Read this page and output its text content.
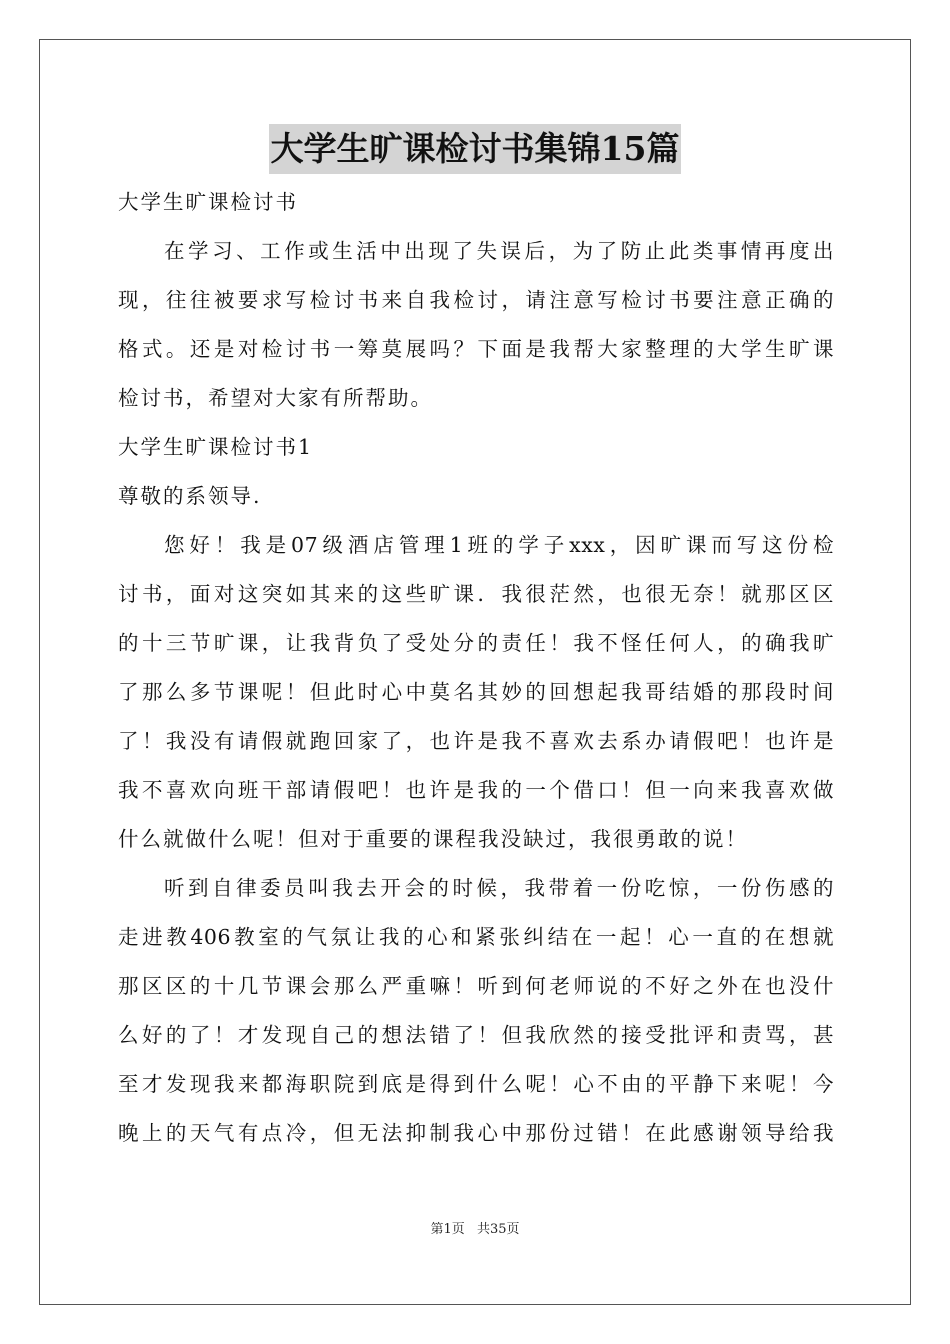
大学生旷课检讨书集锦15篇
大学生旷课检讨书
在学习、工作或生活中出现了失误后，为了防止此类事情再度出
现，往往被要求写检讨书来自我检讨，请注意写检讨书要注意正确的
格式。还是对检讨书一筹莫展吗？下面是我帮大家整理的大学生旷课
检讨书，希望对大家有所帮助。
大学生旷课检讨书1
尊敬的系领导.
您好！我是07级酒店管理1班的学子xxx，因旷课而写这份检
讨书，面对这突如其来的这些旷课．我很茫然，也很无奈！就那区区
的十三节旷课，让我背负了受处分的责任！我不怪任何人，的确我旷
了那么多节课呢！但此时心中莫名其妙的回想起我哥结婚的那段时间
了！我没有请假就跑回家了，也许是我不喜欢去系办请假吧！也许是
我不喜欢向班干部请假吧！也许是我的一个借口！但一向来我喜欢做
什么就做什么呢！但对于重要的课程我没缺过，我很勇敢的说！
听到自律委员叫我去开会的时候，我带着一份吃惊，一份伤感的
走进教406教室的气氛让我的心和紧张纠结在一起！心一直的在想就
那区区的十几节课会那么严重嘛！听到何老师说的不好之外在也没什
么好的了！才发现自己的想法错了！但我欣然的接受批评和责骂，甚
至才发现我来都海职院到底是得到什么呢！心不由的平静下来呢！今
晚上的天气有点冷，但无法抑制我心中那份过错！在此感谢领导给我
第1页 共35页
